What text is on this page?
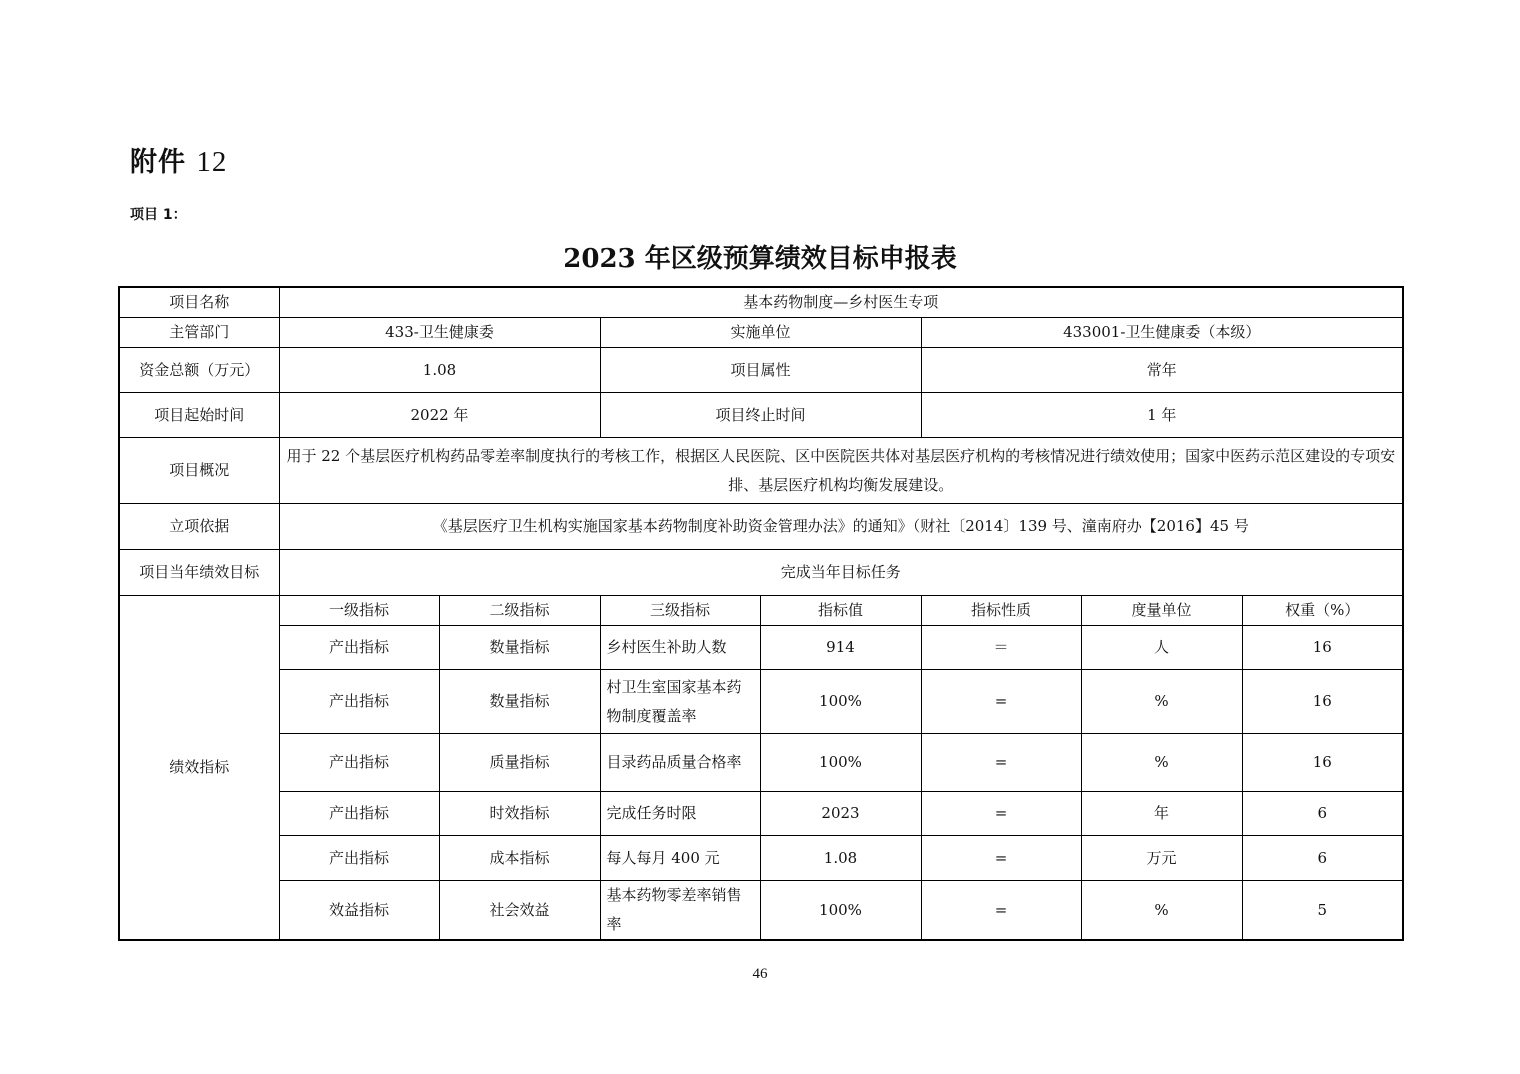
附件 12
项目 1：
2023 年区级预算绩效目标申报表
项目名称	基本药物制度—乡村医生专项						
主管部门	433-卫生健康委		实施单位		433001-卫生健康委（本级）		
资金总额（万元）	1.08		项目属性		常年		
项目起始时间	2022 年		项目终止时间		1 年		
项目概况	用于 22 个基层医疗机构药品零差率制度执行的考核工作，根据区人民医院、区中医院医共体对基层医疗机构的考核情况进行绩效使用；国家中医药示范区建设的专项安排、基层医疗机构均衡发展建设。						
立项依据	《基层医疗卫生机构实施国家基本药物制度补助资金管理办法》的通知》（财社〔2014〕139 号、潼南府办【2016】45 号						
项目当年绩效目标	完成当年目标任务						
绩效指标	一级指标	二级指标	三级指标	指标值	指标性质	度量单位	权重（%）
	产出指标	数量指标	乡村医生补助人数	914	＝	人	16
	产出指标	数量指标	村卫生室国家基本药物制度覆盖率	100%	=	%	16
	产出指标	质量指标	目录药品质量合格率	100%	=	%	16
	产出指标	时效指标	完成任务时限	2023	=	年	6
	产出指标	成本指标	每人每月 400 元	1.08	=	万元	6
	效益指标	社会效益	基本药物零差率销售率	100%	=	%	5
46
